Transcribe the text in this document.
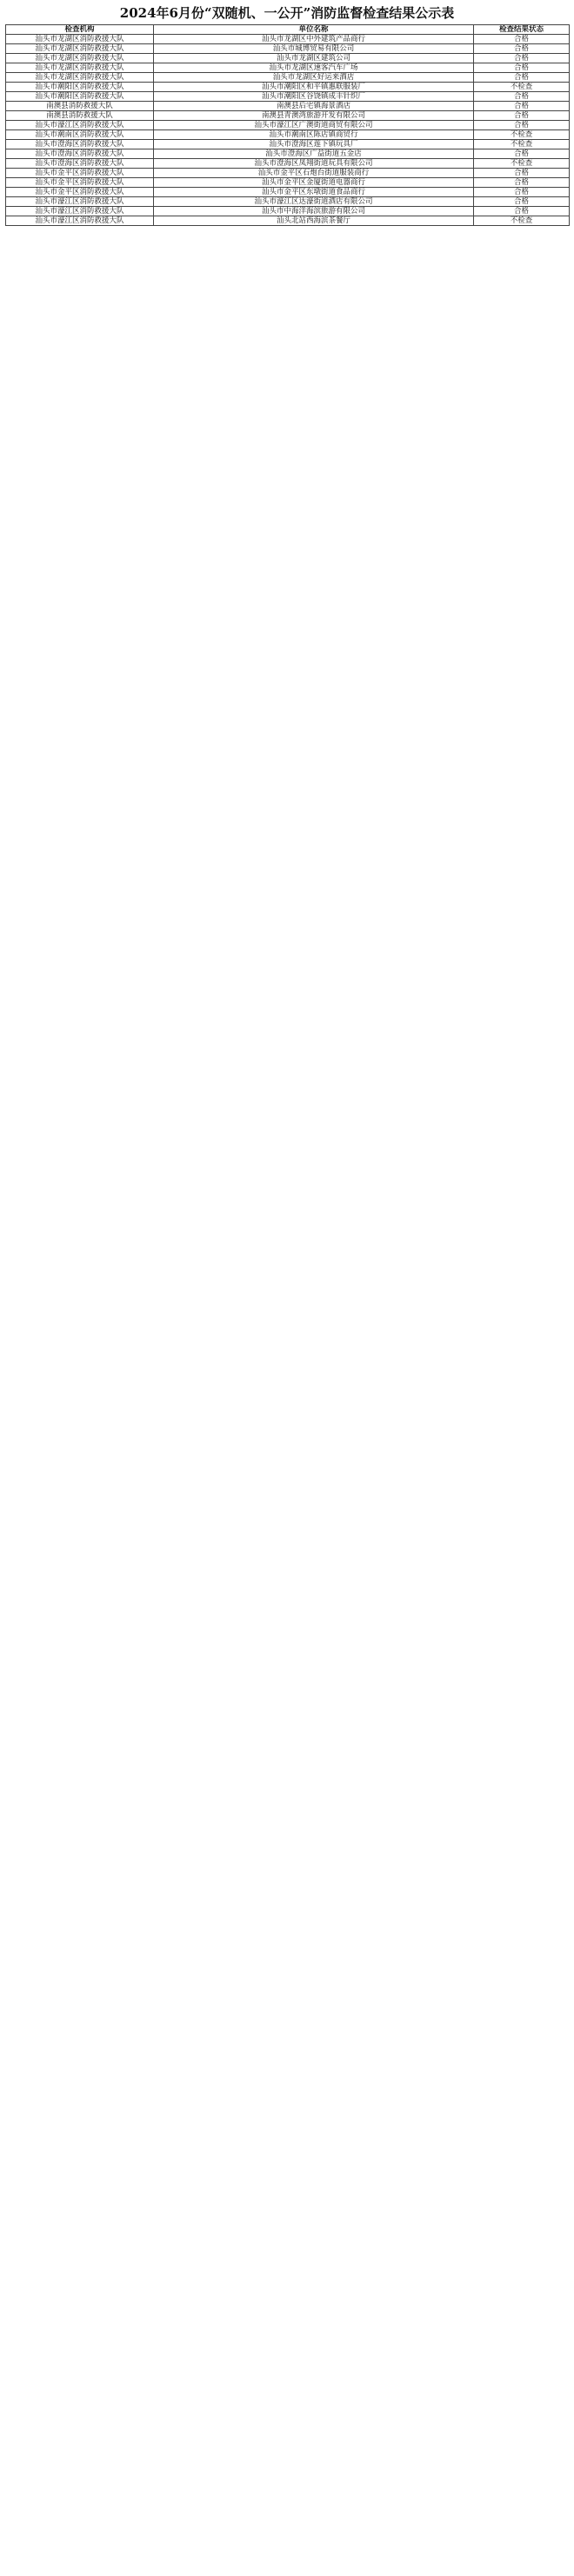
2024年6月份“双随机、一公开”消防监督检查结果公示表
检查机构	单位名称	检查结果状态
汕头市龙湖区消防救援大队	汕头市龙湖区中外建筑产品商行	合格
汕头市龙湖区消防救援大队	汕头市城博贸易有限公司	合格
汕头市龙湖区消防救援大队	汕头市龙湖区建筑公司	合格
汕头市龙湖区消防救援大队	汕头市龙湖区速客汽车广场	合格
汕头市龙湖区消防救援大队	汕头市龙湖区好运来酒店	合格
汕头市潮阳区消防救援大队	汕头市潮阳区和平镇惠联服装厂	不检查
汕头市潮阳区消防救援大队	汕头市潮阳区谷饶镇成丰针织厂	合格
南澳县消防救援大队	南澳县后宅镇海景酒店	合格
南澳县消防救援大队	南澳县青澳湾旅游开发有限公司	合格
汕头市濠江区消防救援大队	汕头市濠江区广澳街道商贸有限公司	合格
汕头市潮南区消防救援大队	汕头市潮南区陈店镇商贸行	不检查
汕头市澄海区消防救援大队	汕头市澄海区莲下镇玩具厂	不检查
汕头市澄海区消防救援大队	汕头市澄海区广益街道五金店	合格
汕头市澄海区消防救援大队	汕头市澄海区凤翔街道玩具有限公司	不检查
汕头市金平区消防救援大队	汕头市金平区石炮台街道服装商行	合格
汕头市金平区消防救援大队	汕头市金平区金厦街道电器商行	合格
汕头市金平区消防救援大队	汕头市金平区东墩街道食品商行	合格
汕头市濠江区消防救援大队	汕头市濠江区达濠街道酒店有限公司	合格
汕头市濠江区消防救援大队	汕头市中海洋海滨旅游有限公司	合格
汕头市濠江区消防救援大队	汕头北站西海滨茶餐厅	不检查
